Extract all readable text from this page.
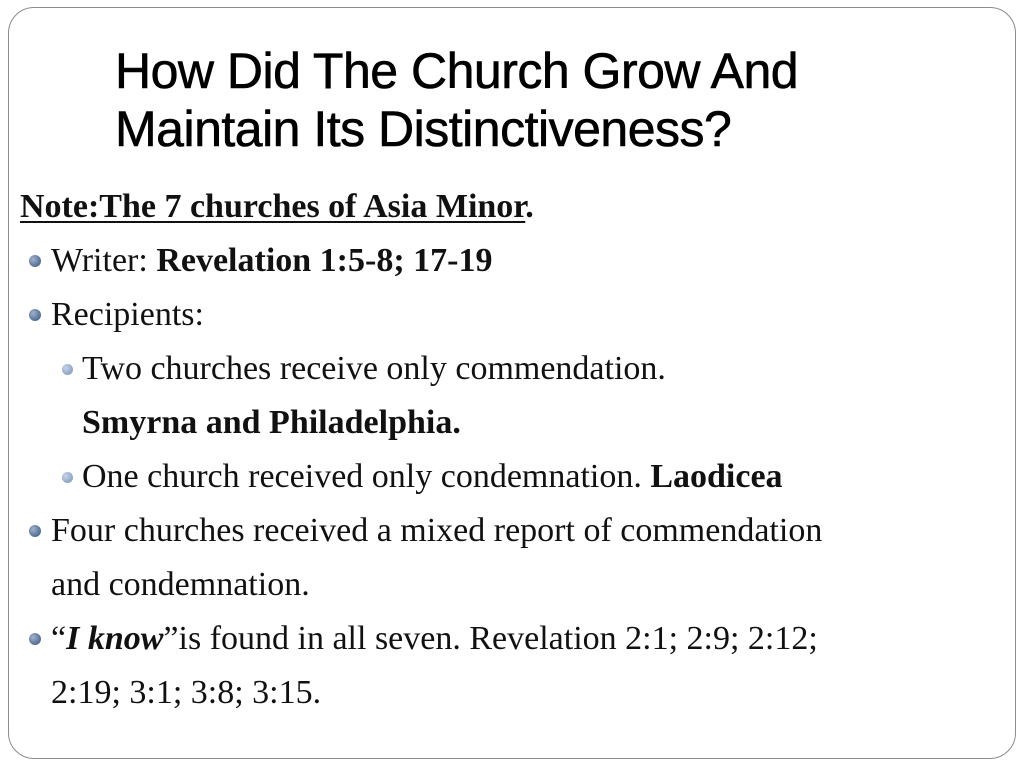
How Did The Church Grow And
Maintain Its Distinctiveness?
Note:The 7 churches of Asia Minor.
Writer: Revelation 1:5-8; 17-19
Recipients:
Two churches receive only commendation.
Smyrna and Philadelphia.
One church received only condemnation. Laodicea
Four churches received a mixed report of commendation
and condemnation.
“I know”is found in all seven. Revelation 2:1; 2:9; 2:12;
2:19; 3:1; 3:8; 3:15.
